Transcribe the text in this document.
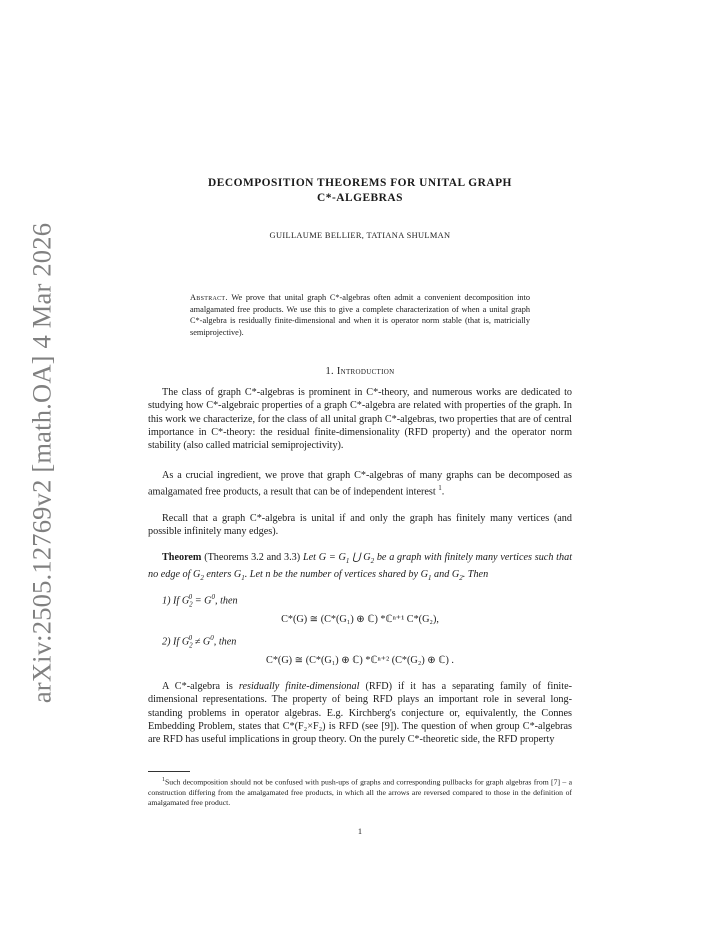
arXiv:2505.12769v2 [math.OA] 4 Mar 2026
DECOMPOSITION THEOREMS FOR UNITAL GRAPH
C*-ALGEBRAS
GUILLAUME BELLIER, TATIANA SHULMAN
Abstract. We prove that unital graph C*-algebras often admit a convenient decomposition into amalgamated free products. We use this to give a complete characterization of when a unital graph C*-algebra is residually finite-dimensional and when it is operator norm stable (that is, matricially semiprojective).
1. Introduction

The class of graph C*-algebras is prominent in C*-theory, and numerous works are dedicated to studying how C*-algebraic properties of a graph C*-algebra are related with properties of the graph. In this work we characterize, for the class of all unital graph C*-algebras, two properties that are of central importance in C*-theory: the residual finite-dimensionality (RFD property) and the operator norm stability (also called matricial semiprojectivity).

As a crucial ingredient, we prove that graph C*-algebras of many graphs can be decomposed as amalgamated free products, a result that can be of independent interest $^1$.

Recall that a graph C*-algebra is unital if and only the graph has finitely many vertices (and possible infinitely many edges).

Theorem (Theorems 3.2 and 3.3) Let $G = G_1$ ⋃ $G_2$ be a graph with finitely many vertices such that no edge of $G_2$ enters $G_1$. Let n be the number of vertices shared by $G_1$ and $G_2$. Then
1) If $G_2^0 = G^0$, then
C*(G) ≅ (C*(G₁) ⊕ ℂ) *ℂⁿ⁺¹ C*(G₂),
2) If $G_2^0 \ne G^0$, then
C*(G) ≅ (C*(G₁) ⊕ ℂ) *ℂⁿ⁺² (C*(G₂) ⊕ ℂ) .

A C*-algebra is residually finite-dimensional (RFD) if it has a separating family of finite-dimensional representations. The property of being RFD plays an important role in several long-standing problems in operator algebras. E.g. Kirchberg's conjecture or, equivalently, the Connes Embedding Problem, states that C*(F₂×F₂) is RFD (see [9]). The question of when group C*-algebras are RFD has useful implications in group theory. On the purely C*-theoretic side, the RFD property

$^1$Such decomposition should not be confused with push-ups of graphs and corresponding pullbacks for graph algebras from [7] – a construction differing from the amalgamated free products, in which all the arrows are reversed compared to those in the definition of amalgamated free product.
1
